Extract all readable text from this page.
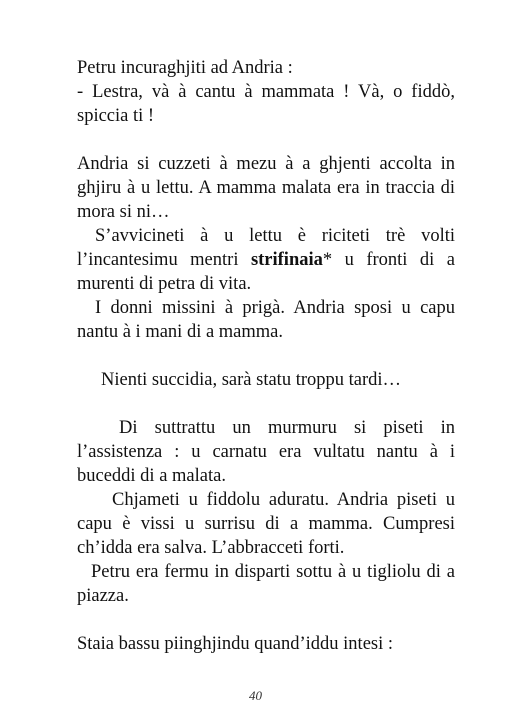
Petru incuraghjiti ad Andria :
- Lestra, và à cantu à mammata ! Và, o fiddò,
spiccia ti !

Andria si cuzzeti à mezu à a ghjenti accolta in ghjiru à u lettu. A mamma malata era in traccia di mora si ni…

S’avvicineti à u lettu è riciteti trè volti l’incantesimu mentri strifinaia* u fronti di a murenti di petra di vita.

I donni missini à prigà. Andria sposi u capu nantu à i mani di a mamma.

Nienti succidia, sarà statu troppu tardi…

Di suttrattu un murmuru si piseti in l’assistenza : u carnatu era vultatu nantu à i buceddi di a malata.

Chjameti u fiddolu aduratu. Andria piseti u capu è vissi u surrisu di a mamma. Cumpresi ch’idda era salva. L’abbracceti forti.

Petru era fermu in disparti sottu à u tigliolu di a piazza.

Staia bassu piinghjindu quand’iddu intesi :

40
